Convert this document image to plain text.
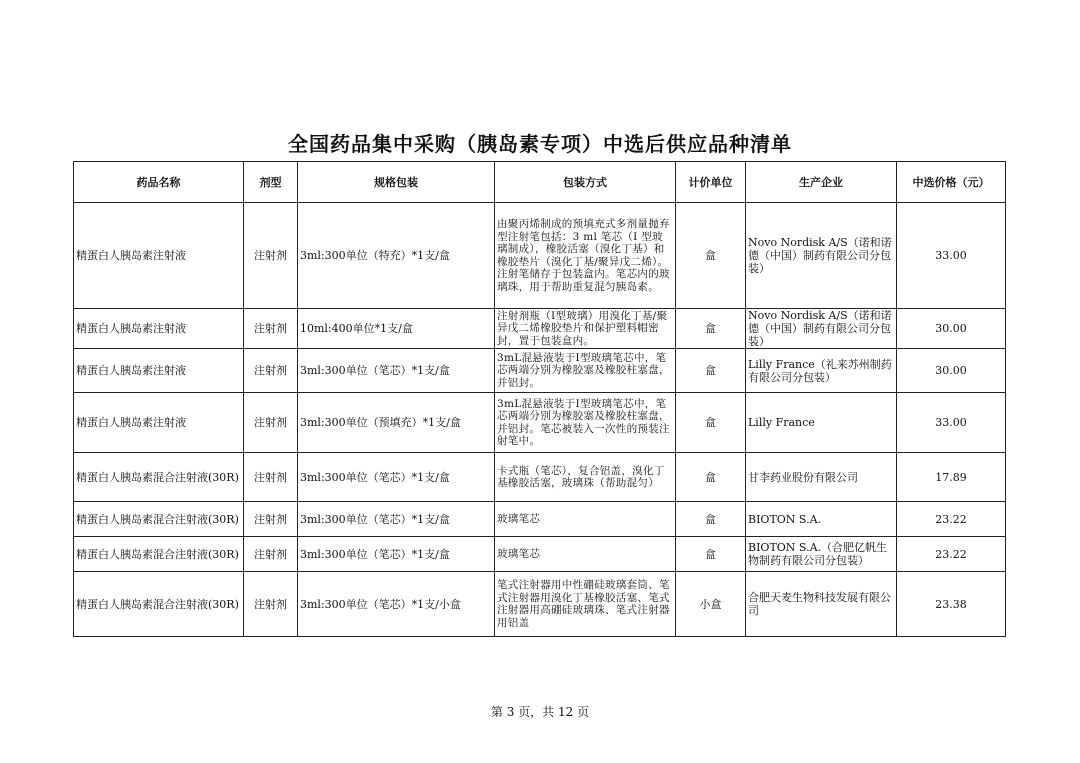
全国药品集中采购（胰岛素专项）中选后供应品种清单
药品名称	剂型	规格包装	包装方式	计价单位	生产企业	中选价格（元）
精蛋白人胰岛素注射液	注射剂	3ml:300单位（特充）*1支/盒	由聚丙烯制成的预填充式多剂量抛弃型注射笔包括：3 ml 笔芯（I 型玻璃制成），橡胶活塞（溴化丁基）和橡胶垫片（溴化丁基/聚异戊二烯）。注射笔储存于包装盒内。笔芯内的玻璃珠，用于帮助重复混匀胰岛素。	盒	Novo Nordisk A/S（诺和诺德（中国）制药有限公司分包装）	33.00
精蛋白人胰岛素注射液	注射剂	10ml:400单位*1支/盒	注射剂瓶（I型玻璃）用溴化丁基/聚异戊二烯橡胶垫片和保护塑料帽密封，置于包装盒内。	盒	Novo Nordisk A/S（诺和诺德（中国）制药有限公司分包装）	30.00
精蛋白人胰岛素注射液	注射剂	3ml:300单位（笔芯）*1支/盒	3mL混悬液装于Ⅰ型玻璃笔芯中，笔芯两端分别为橡胶塞及橡胶柱塞盘，并铝封。	盒	Lilly France（礼来苏州制药有限公司分包装）	30.00
精蛋白人胰岛素注射液	注射剂	3ml:300单位（预填充）*1支/盒	3mL混悬液装于Ⅰ型玻璃笔芯中，笔芯两端分别为橡胶塞及橡胶柱塞盘， 并铝封。笔芯被装入一次性的预装注射笔中。	盒	Lilly France	33.00
精蛋白人胰岛素混合注射液(30R)	注射剂	3ml:300单位（笔芯）*1支/盒	卡式瓶（笔芯），复合铝盖，溴化丁基橡胶活塞，玻璃珠（帮助混匀）	盒	甘李药业股份有限公司	17.89
精蛋白人胰岛素混合注射液(30R)	注射剂	3ml:300单位（笔芯）*1支/盒	玻璃笔芯	盒	BIOTON S.A.	23.22
精蛋白人胰岛素混合注射液(30R)	注射剂	3ml:300单位（笔芯）*1支/盒	玻璃笔芯	盒	BIOTON S.A.（合肥亿帆生物制药有限公司分包装）	23.22
精蛋白人胰岛素混合注射液(30R)	注射剂	3ml:300单位（笔芯）*1支/小盒	笔式注射器用中性硼硅玻璃套筒、笔式注射器用溴化丁基橡胶活塞、笔式注射器用高硼硅玻璃珠、笔式注射器用铝盖	小盒	合肥天麦生物科技发展有限公司	23.38
第 3 页，共 12 页
